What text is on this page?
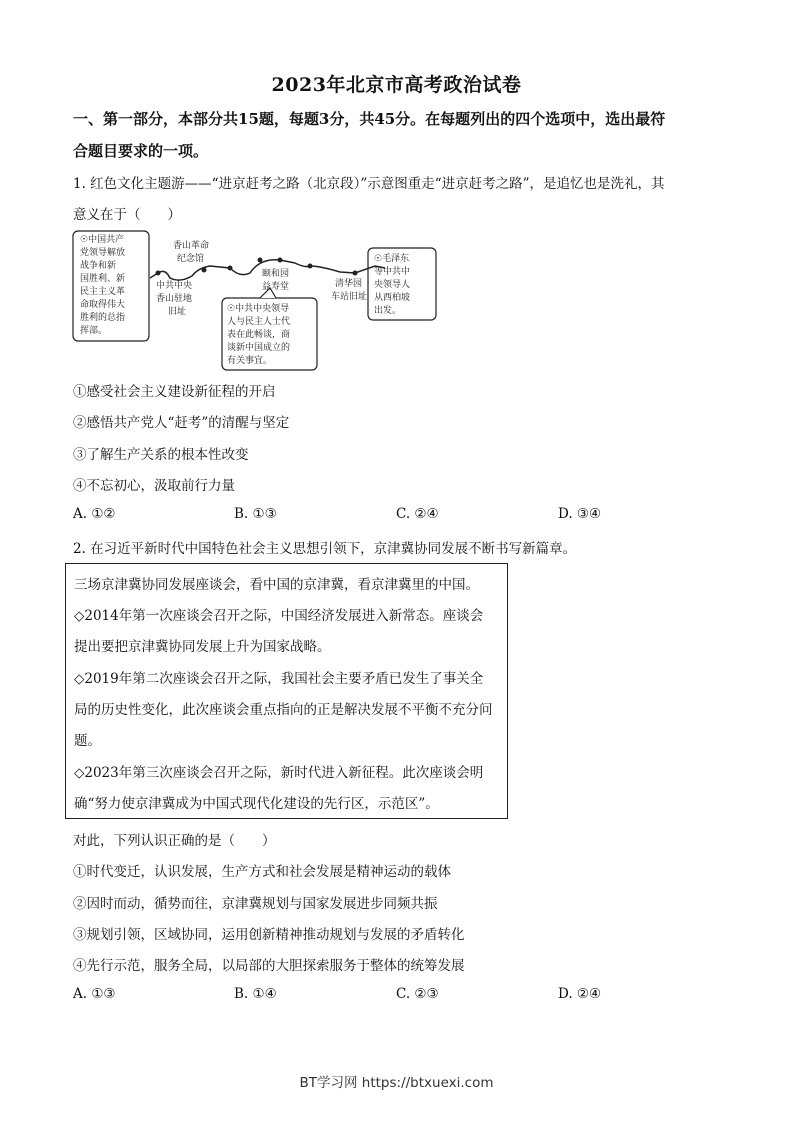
2023年北京市高考政治试卷
一、第一部分，本部分共15题，每题3分，共45分。在每题列出的四个选项中，选出最符
合题目要求的一项。
1. 红色文化主题游——“进京赶考之路（北京段）”示意图重走“进京赶考之路”，是追忆也是洗礼，其
意义在于（　　）
☉中国共产
党领导解放
战争和新
国胜利、新
民主主义革
命取得伟大
胜利的总指
挥部。
香山革命
纪念馆
中共中央
香山驻地
旧址
颐和园
益寿堂	清华园
车站旧址
☉中共中央领导
人与民主人士代
表在此畅谈，商
谈新中国成立的
有关事宜。
☉毛泽东
等中共中
央领导人
从西柏坡
出发。
①感受社会主义建设新征程的开启
②感悟共产党人“赶考”的清醒与坚定
③了解生产关系的根本性改变
④不忘初心，汲取前行力量
A. ①②	B. ①③	C. ②④	D. ③④
2. 在习近平新时代中国特色社会主义思想引领下，京津冀协同发展不断书写新篇章。
三场京津冀协同发展座谈会，看中国的京津冀，看京津冀里的中国。
◇2014年第一次座谈会召开之际，中国经济发展进入新常态。座谈会
提出要把京津冀协同发展上升为国家战略。
◇2019年第二次座谈会召开之际，我国社会主要矛盾已发生了事关全
局的历史性变化，此次座谈会重点指向的正是解决发展不平衡不充分问
题。
◇2023年第三次座谈会召开之际，新时代进入新征程。此次座谈会明
确“努力使京津冀成为中国式现代化建设的先行区，示范区”。
对此，下列认识正确的是（　　）
①时代变迁，认识发展，生产方式和社会发展是精神运动的载体
②因时而动，循势而往，京津冀规划与国家发展进步同频共振
③规划引领，区域协同，运用创新精神推动规划与发展的矛盾转化
④先行示范，服务全局，以局部的大胆探索服务于整体的统筹发展
A. ①③	B. ①④	C. ②③	D. ②④
BT学习网 https://btxuexi.com
